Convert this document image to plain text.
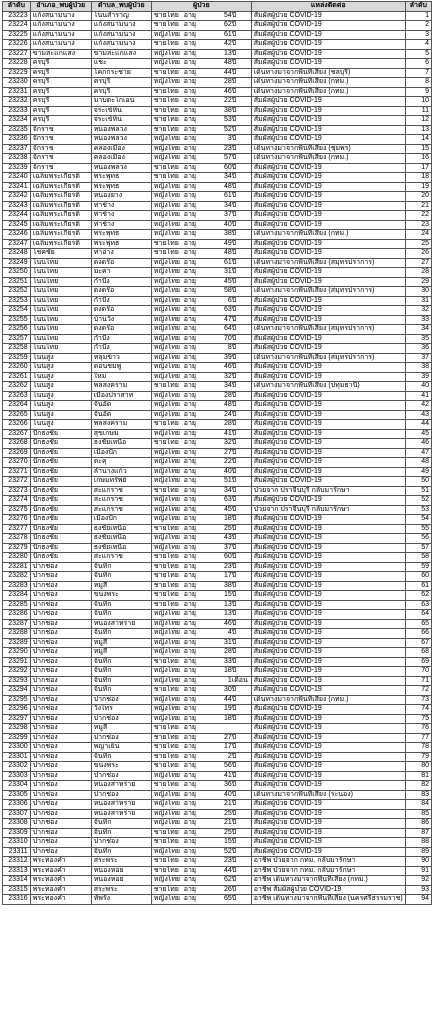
ลำดับ	อำเภอ_พบผู้ป่วย	ตำบล_พบผู้ป่วย	ผู้ป่วย	แหล่งติดต่อ	ลำดับ
23223	แก้งสนามนาง	โนนสำราญ	ชายไทย อายุ 54ปี	สัมผัสผู้ป่วย COVID-19	1
23224	แก้งสนามนาง	แก้งสนามนาง	ชายไทย อายุ 62ปี	สัมผัสผู้ป่วย COVID-19	2
23225	แก้งสนามนาง	แก้งสนามนาง	หญิงไทย อายุ 61ปี	สัมผัสผู้ป่วย COVID-19	3
23226	แก้งสนามนาง	แก้งสนามนาง	ชายไทย อายุ 42ปี	สัมผัสผู้ป่วย COVID-19	4
23227	ขามสะแกแสง	ขามสะแกแสง	หญิงไทย อายุ 13ปี	สัมผัสผู้ป่วย COVID-19	5
23228	ครบุรี	แชะ	หญิงไทย อายุ 48ปี	สัมผัสผู้ป่วย COVID-19	6
23229	ครบุรี	โคกกระชาย	ชายไทย อายุ 44ปี	เดินทางมาจากพื้นที่เสี่ยง (ชลบุรี)	7
23230	ครบุรี	ครบุรี	หญิงไทย อายุ 28ปี	เดินทางมาจากพื้นที่เสี่ยง (กทม.)	8
23231	ครบุรี	ครบุรี	ชายไทย อายุ 46ปี	เดินทางมาจากพื้นที่เสี่ยง (กทม.)	9
23232	ครบุรี	มาบตะโกเอน	ชายไทย อายุ 22ปี	สัมผัสผู้ป่วย COVID-19	10
23233	ครบุรี	จระเข้หิน	ชายไทย อายุ 38ปี	สัมผัสผู้ป่วย COVID-19	11
23234	ครบุรี	จระเข้หิน	ชายไทย อายุ 53ปี	สัมผัสผู้ป่วย COVID-19	12
23235	จักราช	หนองพลวง	ชายไทย อายุ 52ปี	สัมผัสผู้ป่วย COVID-19	13
23236	จักราช	หนองพลวง	หญิงไทย อายุ 3ปี	สัมผัสผู้ป่วย COVID-19	14
23237	จักราช	คลองเมือง	หญิงไทย อายุ 23ปี	เดินทางมาจากพื้นที่เสี่ยง (ชุมพร)	15
23238	จักราช	คลองเมือง	หญิงไทย อายุ 57ปี	เดินทางมาจากพื้นที่เสี่ยง (กทม.)	16
23239	จักราช	หนองพลวง	ชายไทย อายุ 60ปี	สัมผัสผู้ป่วย COVID-19	17
23240	เฉลิมพระเกียรติ	พระพุทธ	ชายไทย อายุ 34ปี	สัมผัสผู้ป่วย COVID-19	18
23241	เฉลิมพระเกียรติ	พระพุทธ	หญิงไทย อายุ 48ปี	สัมผัสผู้ป่วย COVID-19	19
23242	เฉลิมพระเกียรติ	หนองยาง	หญิงไทย อายุ 61ปี	สัมผัสผู้ป่วย COVID-19	20
23243	เฉลิมพระเกียรติ	ท่าช้าง	หญิงไทย อายุ 34ปี	สัมผัสผู้ป่วย COVID-19	21
23244	เฉลิมพระเกียรติ	ท่าช้าง	หญิงไทย อายุ 37ปี	สัมผัสผู้ป่วย COVID-19	22
23245	เฉลิมพระเกียรติ	ท่าช้าง	หญิงไทย อายุ 40ปี	สัมผัสผู้ป่วย COVID-19	23
23246	เฉลิมพระเกียรติ	พระพุทธ	หญิงไทย อายุ 38ปี	เดินทางมาจากพื้นที่เสี่ยง (กทม.)	24
23247	เฉลิมพระเกียรติ	พระพุทธ	ชายไทย อายุ 49ปี	สัมผัสผู้ป่วย COVID-19	25
23248	โชคชัย	ท่าอ่าง	ชายไทย อายุ 48ปี	สัมผัสผู้ป่วย COVID-19	26
23249	โนนไทย	ดงดร๊อ	หญิงไทย อายุ 61ปี	เดินทางมาจากพื้นที่เสี่ยง (สมุทรปราการ)	27
23250	โนนไทย	มะค่า	หญิงไทย อายุ 31ปี	สัมผัสผู้ป่วย COVID-19	28
23251	โนนไทย	กำปัง	หญิงไทย อายุ 45ปี	สัมผัสผู้ป่วย COVID-19	29
23252	โนนไทย	ดงดร๊อ	หญิงไทย อายุ 58ปี	เดินทางมาจากพื้นที่เสี่ยง (สมุทรปราการ)	30
23253	โนนไทย	กำปัง	หญิงไทย อายุ 6ปี	สัมผัสผู้ป่วย COVID-19	31
23254	โนนไทย	ดงดร๊อ	หญิงไทย อายุ 63ปี	สัมผัสผู้ป่วย COVID-19	32
23255	โนนไทย	บ้านวัง	หญิงไทย อายุ 47ปี	สัมผัสผู้ป่วย COVID-19	33
23256	โนนไทย	ดงดร๊อ	หญิงไทย อายุ 64ปี	เดินทางมาจากพื้นที่เสี่ยง (สมุทรปราการ)	34
23257	โนนไทย	กำปัง	หญิงไทย อายุ 70ปี	สัมผัสผู้ป่วย COVID-19	35
23258	โนนไทย	กำปัง	หญิงไทย อายุ 8ปี	สัมผัสผู้ป่วย COVID-19	36
23259	โนนสูง	หลุมข้าว	หญิงไทย อายุ 39ปี	เดินทางมาจากพื้นที่เสี่ยง (สมุทรปราการ)	37
23260	โนนสูง	ดอนชมพู	หญิงไทย อายุ 46ปี	สัมผัสผู้ป่วย COVID-19	38
23261	โนนสูง	ใหม่	หญิงไทย อายุ 32ปี	สัมผัสผู้ป่วย COVID-19	39
23262	โนนสูง	พลสงคราม	ชายไทย อายุ 34ปี	เดินทางมาจากพื้นที่เสี่ยง (ปทุมธานี)	40
23263	โนนสูง	เมืองปราสาท	หญิงไทย อายุ 28ปี	สัมผัสผู้ป่วย COVID-19	41
23264	โนนสูง	จันอัด	หญิงไทย อายุ 48ปี	สัมผัสผู้ป่วย COVID-19	42
23265	โนนสูง	จันอัด	หญิงไทย อายุ 24ปี	สัมผัสผู้ป่วย COVID-19	43
23266	โนนสูง	พลสงคราม	ชายไทย อายุ 28ปี	สัมผัสผู้ป่วย COVID-19	44
23267	ปักธงชัย	สุขเกษม	หญิงไทย อายุ 41ปี	สัมผัสผู้ป่วย COVID-19	45
23268	ปักธงชัย	ธงชัยเหนือ	ชายไทย อายุ 32ปี	สัมผัสผู้ป่วย COVID-19	46
23269	ปักธงชัย	เมืองปัก	หญิงไทย อายุ 27ปี	สัมผัสผู้ป่วย COVID-19	47
23270	ปักธงชัย	ตะคุ	หญิงไทย อายุ 22ปี	สัมผัสผู้ป่วย COVID-19	48
23271	ปักธงชัย	ลำนางแก้ว	หญิงไทย อายุ 40ปี	สัมผัสผู้ป่วย COVID-19	49
23272	ปักธงชัย	เกษมทรัพย์	หญิงไทย อายุ 51ปี	สัมผัสผู้ป่วย COVID-19	50
23273	ปักธงชัย	สะแกราช	ชายไทย อายุ 34ปี	ป่วยจาก ปราจีนบุรี กลับมารักษา	51
23274	ปักธงชัย	สะแกราช	หญิงไทย อายุ 63ปี	สัมผัสผู้ป่วย COVID-19	52
23275	ปักธงชัย	สะแกราช	หญิงไทย อายุ 45ปี	ป่วยจาก ปราจีนบุรี กลับมารักษา	53
23276	ปักธงชัย	เมืองปัก	หญิงไทย อายุ 18ปี	สัมผัสผู้ป่วย COVID-19	54
23277	ปักธงชัย	ธงชัยเหนือ	ชายไทย อายุ 25ปี	สัมผัสผู้ป่วย COVID-19	55
23278	ปักธงชัย	ธงชัยเหนือ	หญิงไทย อายุ 43ปี	สัมผัสผู้ป่วย COVID-19	56
23279	ปักธงชัย	ธงชัยเหนือ	หญิงไทย อายุ 37ปี	สัมผัสผู้ป่วย COVID-19	57
23280	ปักธงชัย	สะแกราช	ชายไทย อายุ 60ปี	สัมผัสผู้ป่วย COVID-19	58
23281	ปากช่อง	จันทึก	ชายไทย อายุ 23ปี	สัมผัสผู้ป่วย COVID-19	59
23282	ปากช่อง	จันทึก	ชายไทย อายุ 17ปี	สัมผัสผู้ป่วย COVID-19	60
23283	ปากช่อง	หมูสี	ชายไทย อายุ 38ปี	สัมผัสผู้ป่วย COVID-19	61
23284	ปากช่อง	ขนงพระ	ชายไทย อายุ 15ปี	สัมผัสผู้ป่วย COVID-19	62
23285	ปากช่อง	จันทึก	ชายไทย อายุ 13ปี	สัมผัสผู้ป่วย COVID-19	63
23286	ปากช่อง	จันทึก	หญิงไทย อายุ 13ปี	สัมผัสผู้ป่วย COVID-19	64
23287	ปากช่อง	หนองสาหร่าย	หญิงไทย อายุ 46ปี	สัมผัสผู้ป่วย COVID-19	65
23288	ปากช่อง	จันทึก	หญิงไทย อายุ 4ปี	สัมผัสผู้ป่วย COVID-19	66
23289	ปากช่อง	หมูสี	หญิงไทย อายุ 31ปี	สัมผัสผู้ป่วย COVID-19	67
23290	ปากช่อง	หมูสี	หญิงไทย อายุ 28ปี	สัมผัสผู้ป่วย COVID-19	68
23291	ปากช่อง	จันทึก	ชายไทย อายุ 33ปี	สัมผัสผู้ป่วย COVID-19	69
23292	ปากช่อง	จันทึก	หญิงไทย อายุ 18ปี	สัมผัสผู้ป่วย COVID-19	70
23293	ปากช่อง	จันทึก	หญิงไทย อายุ 1เดือน	สัมผัสผู้ป่วย COVID-19	71
23294	ปากช่อง	จันทึก	ชายไทย อายุ 30ปี	สัมผัสผู้ป่วย COVID-19	72
23295	ปากช่อง	ปากช่อง	หญิงไทย อายุ 44ปี	เดินทางมาจากพื้นที่เสี่ยง (กทม.)	73
23296	ปากช่อง	วังไทร	หญิงไทย อายุ 19ปี	สัมผัสผู้ป่วย COVID-19	74
23297	ปากช่อง	ปากช่อง	หญิงไทย อายุ 18ปี	สัมผัสผู้ป่วย COVID-19	75
23298	ปากช่อง	หมูสี	ชายไทย อายุ	สัมผัสผู้ป่วย COVID-19	76
23299	ปากช่อง	ปากช่อง	ชายไทย อายุ 27ปี	สัมผัสผู้ป่วย COVID-19	77
23300	ปากช่อง	พญาเย็น	ชายไทย อายุ 17ปี	สัมผัสผู้ป่วย COVID-19	78
23301	ปากช่อง	จันทึก	ชายไทย อายุ 2ปี	สัมผัสผู้ป่วย COVID-19	79
23302	ปากช่อง	ขนงพระ	ชายไทย อายุ 56ปี	สัมผัสผู้ป่วย COVID-19	80
23303	ปากช่อง	ปากช่อง	หญิงไทย อายุ 41ปี	สัมผัสผู้ป่วย COVID-19	81
23304	ปากช่อง	หนองสาหร่าย	ชายไทย อายุ 36ปี	สัมผัสผู้ป่วย COVID-19	82
23305	ปากช่อง	ปากช่อง	หญิงไทย อายุ 40ปี	เดินทางมาจากพื้นที่เสี่ยง (ระนอง)	83
23306	ปากช่อง	หนองสาหร่าย	หญิงไทย อายุ 21ปี	สัมผัสผู้ป่วย COVID-19	84
23307	ปากช่อง	หนองสาหร่าย	หญิงไทย อายุ 25ปี	สัมผัสผู้ป่วย COVID-19	85
23308	ปากช่อง	จันทึก	หญิงไทย อายุ 21ปี	สัมผัสผู้ป่วย COVID-19	86
23309	ปากช่อง	จันทึก	ชายไทย อายุ 25ปี	สัมผัสผู้ป่วย COVID-19	87
23310	ปากช่อง	ปากช่อง	ชายไทย อายุ 15ปี	สัมผัสผู้ป่วย COVID-19	88
23311	ปากช่อง	จันทึก	หญิงไทย อายุ 52ปี	สัมผัสผู้ป่วย COVID-19	89
23312	พระทองคำ	สระพระ	ชายไทย อายุ 23ปี	อาชีพ ป่วยจาก กทม. กลับมารักษา	90
23313	พระทองคำ	หนองหอย	ชายไทย อายุ 44ปี	อาชีพ ป่วยจาก กทม. กลับมารักษา	91
23314	พระทองคำ	หนองหอย	หญิงไทย อายุ 62ปี	อาชีพ เดินทางมาจากพื้นที่เสี่ยง (กทม.)	92
23315	พระทองคำ	สระพระ	ชายไทย อายุ 26ปี	อาชีพ สัมผัสผู้ป่วย COVID-19	93
23316	พระทองคำ	ทัพรั้ง	หญิงไทย อายุ 65ปี	อาชีพ เดินทางมาจากพื้นที่เสี่ยง (นครศรีธรรมราช)	94
